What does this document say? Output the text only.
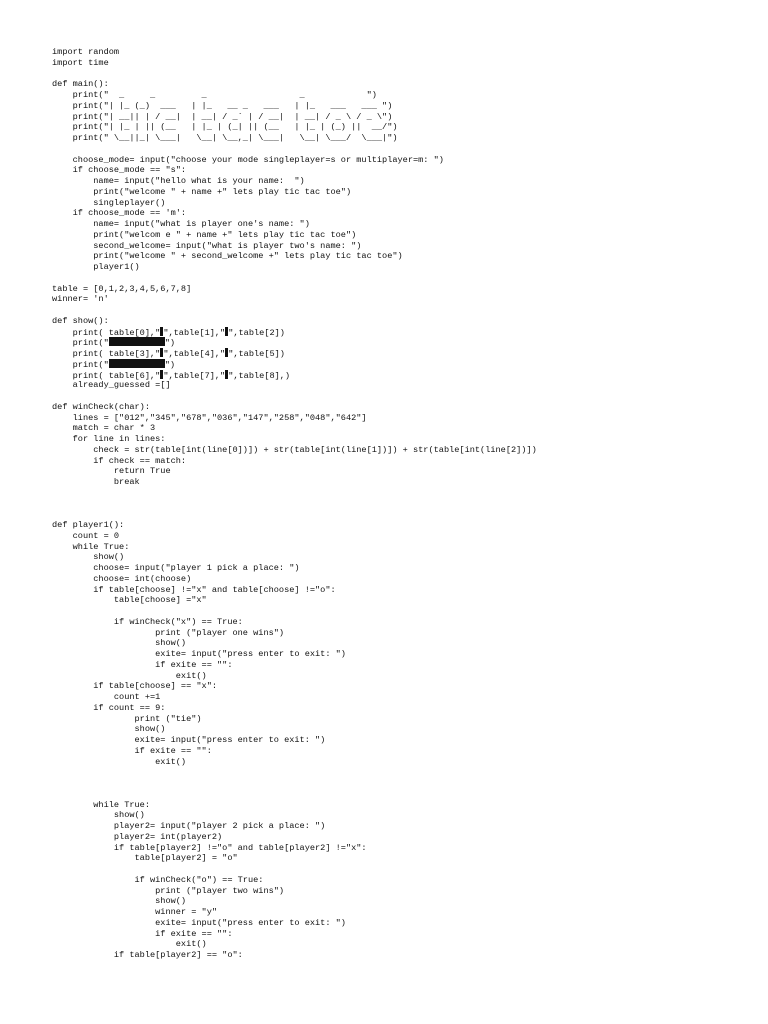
import random
import time
def main():
print("  _     _         _                  _            ")
print("| |_ (_)  ___   | |_   __ _   ___   | |_   ___   ___ ")
print("| __|| | / __|  | __| / _` | / __|  | __| / _ \ / _ \")
print("| |_ | || (__   | |_ | (_| || (__   | |_ | (_) ||  __/")
print(" \__||_| \___|   \__| \__,_| \___|   \__| \___/  \___|")
choose_mode= input("choose your mode singleplayer=s or multiplayer=m: ")
if choose_mode == "s":
name= input("hello what is your name:  ")
print("welcome " + name +" lets play tic tac toe")
singleplayer()
if choose_mode == 'm':
name= input("what is player one's name: ")
print("welcom e " + name +" lets play tic tac toe")
second_welcome= input("what is player two's name: ")
print("welcome " + second_welcome +" lets play tic tac toe")
player1()
table = [0,1,2,3,4,5,6,7,8]
winner= 'n'
def show():
print( table[0]," ",table[1]," ",table[2])
print("	")
print( table[3]," ",table[4]," ",table[5])
print("	")
print( table[6]," ",table[7]," ",table[8],)
already_guessed =[]
def winCheck(char):
lines = ["012","345","678","036","147","258","048","642"]
match = char * 3
for line in lines:
check = str(table[int(line[0])]) + str(table[int(line[1])]) + str(table[int(line[2])])
if check == match:
return True
break
def player1():
count = 0
while True:
show()
choose= input("player 1 pick a place: ")
choose= int(choose)
if table[choose] !="x" and table[choose] !="o":
table[choose] ="x"
if winCheck("x") == True:
print ("player one wins")
show()
exite= input("press enter to exit: ")
if exite == "":
exit()
if table[choose] == "x":
count +=1
if count == 9:
print ("tie")
show()
exite= input("press enter to exit: ")
if exite == "":
exit()
while True:
show()
player2= input("player 2 pick a place: ")
player2= int(player2)
if table[player2] !="o" and table[player2] !="x":
table[player2] = "o"
if winCheck("o") == True:
print ("player two wins")
show()
winner = "y"
exite= input("press enter to exit: ")
if exite == "":
exit()
if table[player2] == "o":
